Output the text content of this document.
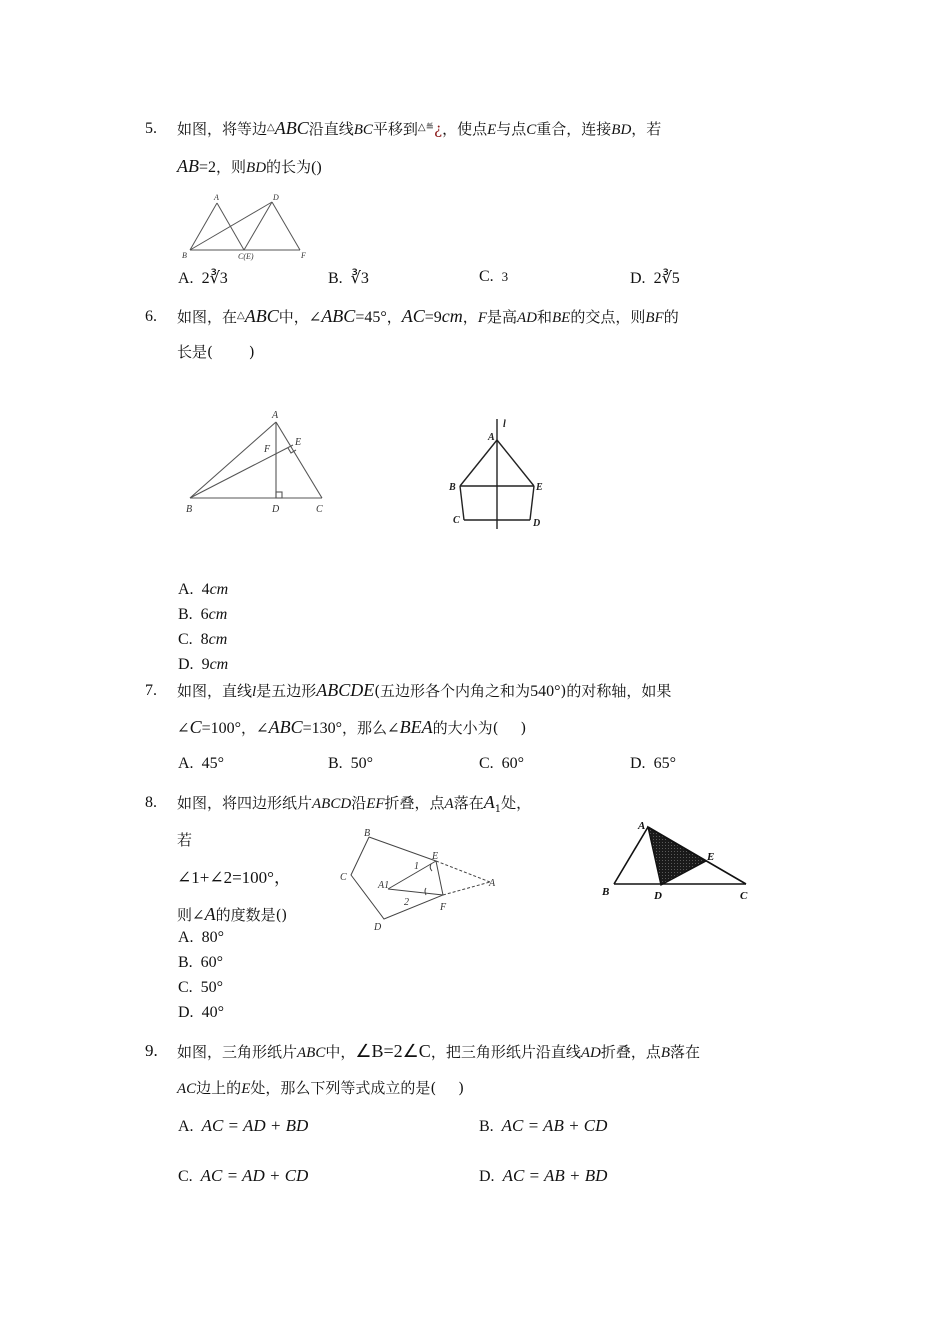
5. 如图，将等边△ABC沿直线BC平移到△≝¿，使点E与点C重合，连接BD，若
AB=2，则BD的长为()
A	D
B	C(E)	F
A. 2∛3	B. ∛3	C. 3	D. 2∛5
6. 如图，在△ABC中，∠ABC=45°，AC=9cm，F是高AD和BE的交点，则BF的
长是( )
A
F
E
B	D	C
l
A
B	E
C	D
A. 4cm
B. 6cm
C. 8cm
D. 9cm
7. 如图，直线l是五边形ABCDE(五边形各个内角之和为540°)的对称轴，如果
∠C=100°，∠ABC=130°，那么∠BEA的大小为( )
A. 45°	B. 50°	C. 60°	D. 65°
8. 如图，将四边形纸片ABCD沿EF折叠，点A落在$A_1$处，
若
∠1+∠2=100°，
则∠A的度数是()
B
E
1
C
A1	A
2	F
D
A
E
B	D	C
A. 80°
B. 60°
C. 50°
D. 40°
9. 如图，三角形纸片ABC中，∠B=2∠C，把三角形纸片沿直线AD折叠，点B落在
AC边上的E处，那么下列等式成立的是( )
A. AC = AD + BD	B. AC = AB + CD
C. AC = AD + CD	D. AC = AB + BD
